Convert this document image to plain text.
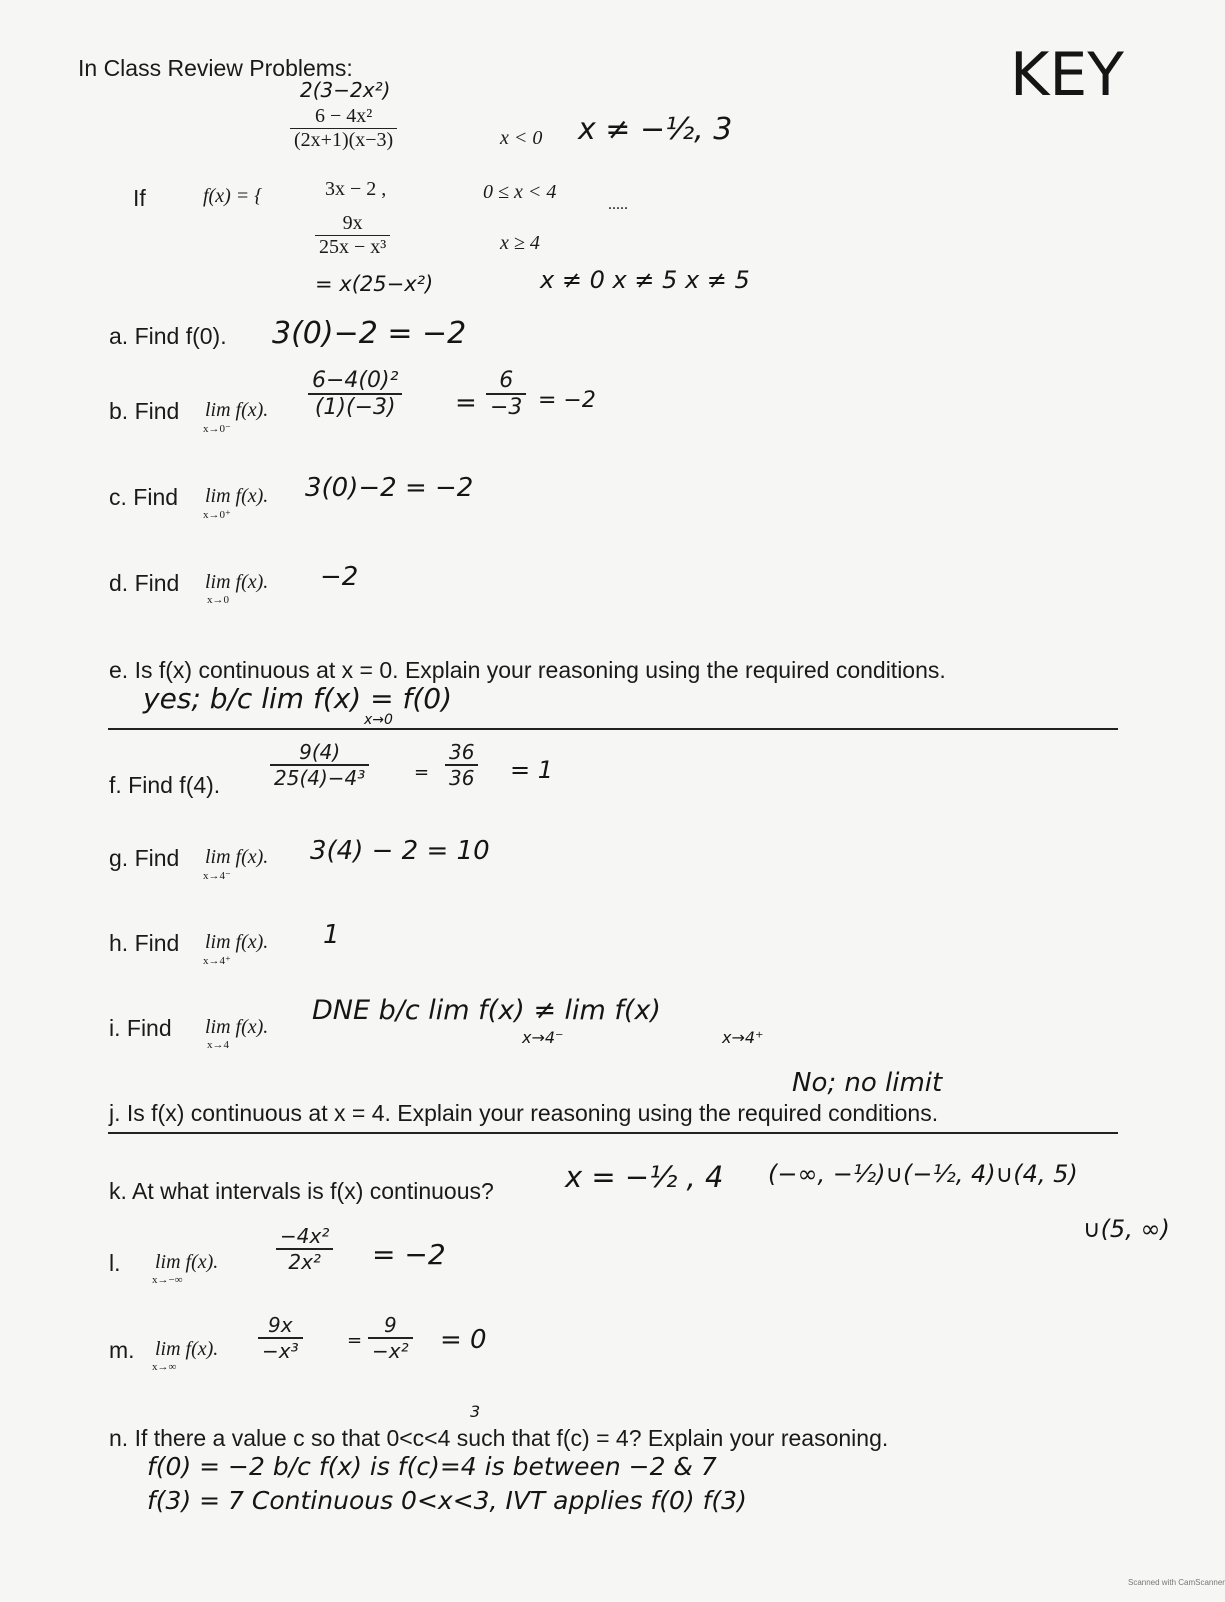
In Class Review Problems:	KEY
If	f(x) = {
2(3−2x²)
$\frac{\text{6 − 4x²}}{(2x+1)(x-3)}$	x < 0 x ≠ −½, 3
3x − 2 ,	0 ≤ x < 4
.....
$\frac{9x}{\text{25x − x³}}$	x ≥ 4
= x(25−x²)	x ≠ 0 x ≠ 5 x ≠ 5
a. Find f(0). 3(0)−2 = −2
b. Find lim f(x).
x→0⁻
$\frac{\text{6−4(0)²}}{(1)(-3)} = \frac{6}{-3} = -2$
c. Find lim f(x).
x→0⁺
3(0)−2 = −2
d. Find lim f(x).
x→0
−2
e. Is f(x) continuous at x = 0. Explain your reasoning using the required conditions.
yes; b/c lim f(x) = f(0)
x→0
f. Find f(4). $\frac{9(4)}{\text{25(4)−4³}} = \frac{36}{36} = 1$
g. Find lim f(x).
x→4⁻
3(4) − 2 = 10
h. Find lim f(x).
x→4⁺
1
i. Find lim f(x).
x→4
DNE b/c lim f(x) ≠ lim f(x)
x→4⁻	x→4⁺
No; no limit
j. Is f(x) continuous at x = 4. Explain your reasoning using the required conditions.
k. At what intervals is f(x) continuous? x = −½ , 4 (−∞, −½)∪(−½, 4)∪(4, 5)
∪(5, ∞)
l. lim f(x).
x→−∞
$\frac{\text{−4x²}}{\text{2x²}} = -2$
m. lim f(x).
x→∞
$\frac{9x}{\text{−x³}} = \frac{9}{\text{−x²}} = 0$
3
n. If there a value c so that 0<c<4 such that f(c) = 4? Explain your reasoning.
f(0) = −2 b/c f(x) is f(c)=4 is between −2 & 7
f(3) = 7 Continuous 0<x<3, IVT applies f(0) f(3)
Scanned with CamScanner
